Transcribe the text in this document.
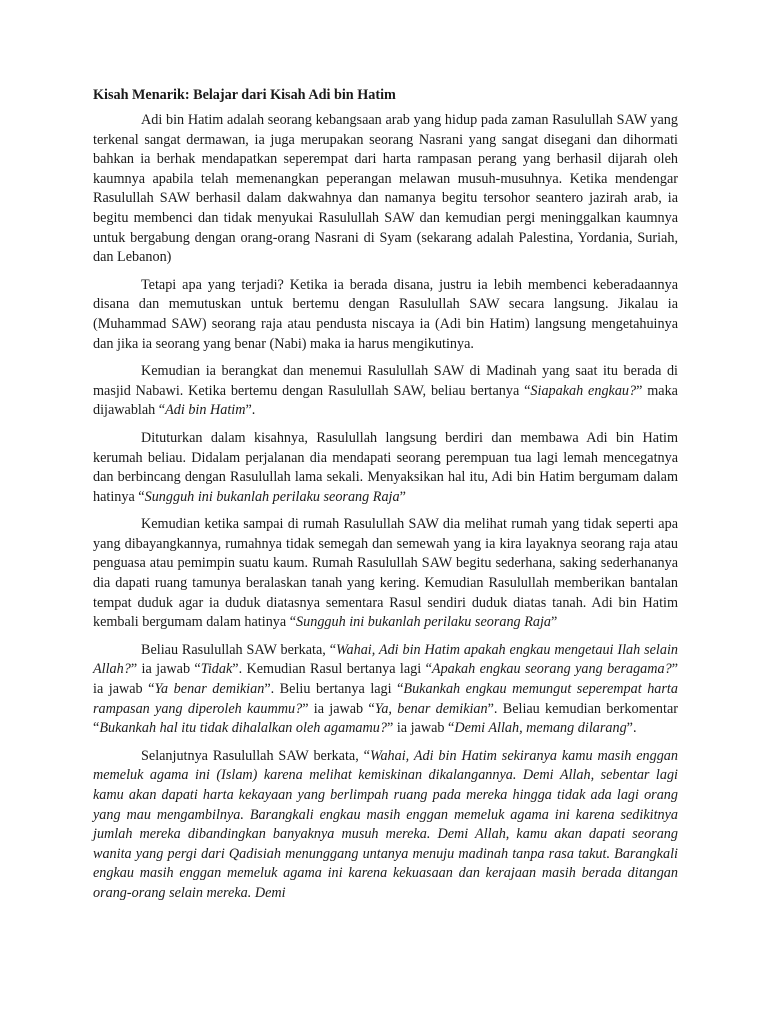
Kisah Menarik: Belajar dari Kisah Adi bin Hatim

Adi bin Hatim adalah seorang kebangsaan arab yang hidup pada zaman Rasulullah SAW yang terkenal sangat dermawan, ia juga merupakan seorang Nasrani yang sangat disegani dan dihormati bahkan ia berhak mendapatkan seperempat dari harta rampasan perang yang berhasil dijarah oleh kaumnya apabila telah memenangkan peperangan melawan musuh-musuhnya. Ketika mendengar Rasulullah SAW berhasil dalam dakwahnya dan namanya begitu tersohor seantero jazirah arab, ia begitu membenci dan tidak menyukai Rasulullah SAW dan kemudian pergi meninggalkan kaumnya untuk bergabung dengan orang-orang Nasrani di Syam (sekarang adalah Palestina, Yordania, Suriah, dan Lebanon)

Tetapi apa yang terjadi? Ketika ia berada disana, justru ia lebih membenci keberadaannya disana dan memutuskan untuk bertemu dengan Rasulullah SAW secara langsung. Jikalau ia (Muhammad SAW) seorang raja atau pendusta niscaya ia (Adi bin Hatim) langsung mengetahuinya dan jika ia seorang yang benar (Nabi) maka ia harus mengikutinya.

Kemudian ia berangkat dan menemui Rasulullah SAW di Madinah yang saat itu berada di masjid Nabawi. Ketika bertemu dengan Rasulullah SAW, beliau bertanya “Siapakah engkau?” maka dijawablah “Adi bin Hatim”.

Dituturkan dalam kisahnya, Rasulullah langsung berdiri dan membawa Adi bin Hatim kerumah beliau. Didalam perjalanan dia mendapati seorang perempuan tua lagi lemah mencegatnya dan berbincang dengan Rasulullah lama sekali. Menyaksikan hal itu, Adi bin Hatim bergumam dalam hatinya “Sungguh ini bukanlah perilaku seorang Raja”

Kemudian ketika sampai di rumah Rasulullah SAW dia melihat rumah yang tidak seperti apa yang dibayangkannya, rumahnya tidak semegah dan semewah yang ia kira layaknya seorang raja atau penguasa atau pemimpin suatu kaum. Rumah Rasulullah SAW begitu sederhana, saking sederhananya dia dapati ruang tamunya beralaskan tanah yang kering. Kemudian Rasulullah memberikan bantalan tempat duduk agar ia duduk diatasnya sementara Rasul sendiri duduk diatas tanah. Adi bin Hatim kembali bergumam dalam hatinya “Sungguh ini bukanlah perilaku seorang Raja”

Beliau Rasulullah SAW berkata, “Wahai, Adi bin Hatim apakah engkau mengetaui Ilah selain Allah?” ia jawab “Tidak”. Kemudian Rasul bertanya lagi “Apakah engkau seorang yang beragama?” ia jawab “Ya benar demikian”. Beliu bertanya lagi “Bukankah engkau memungut seperempat harta rampasan yang diperoleh kaummu?” ia jawab “Ya, benar demikian”. Beliau kemudian berkomentar “Bukankah hal itu tidak dihalalkan oleh agamamu?” ia jawab “Demi Allah, memang dilarang”.

Selanjutnya Rasulullah SAW berkata, “Wahai, Adi bin Hatim sekiranya kamu masih enggan memeluk agama ini (Islam) karena melihat kemiskinan dikalangannya. Demi Allah, sebentar lagi kamu akan dapati harta kekayaan yang berlimpah ruang pada mereka hingga tidak ada lagi orang yang mau mengambilnya. Barangkali engkau masih enggan memeluk agama ini karena sedikitnya jumlah mereka dibandingkan banyaknya musuh mereka. Demi Allah, kamu akan dapati seorang wanita yang pergi dari Qadisiah menunggang untanya menuju madinah tanpa rasa takut. Barangkali engkau masih enggan memeluk agama ini karena kekuasaan dan kerajaan masih berada ditangan orang-orang selain mereka. Demi
